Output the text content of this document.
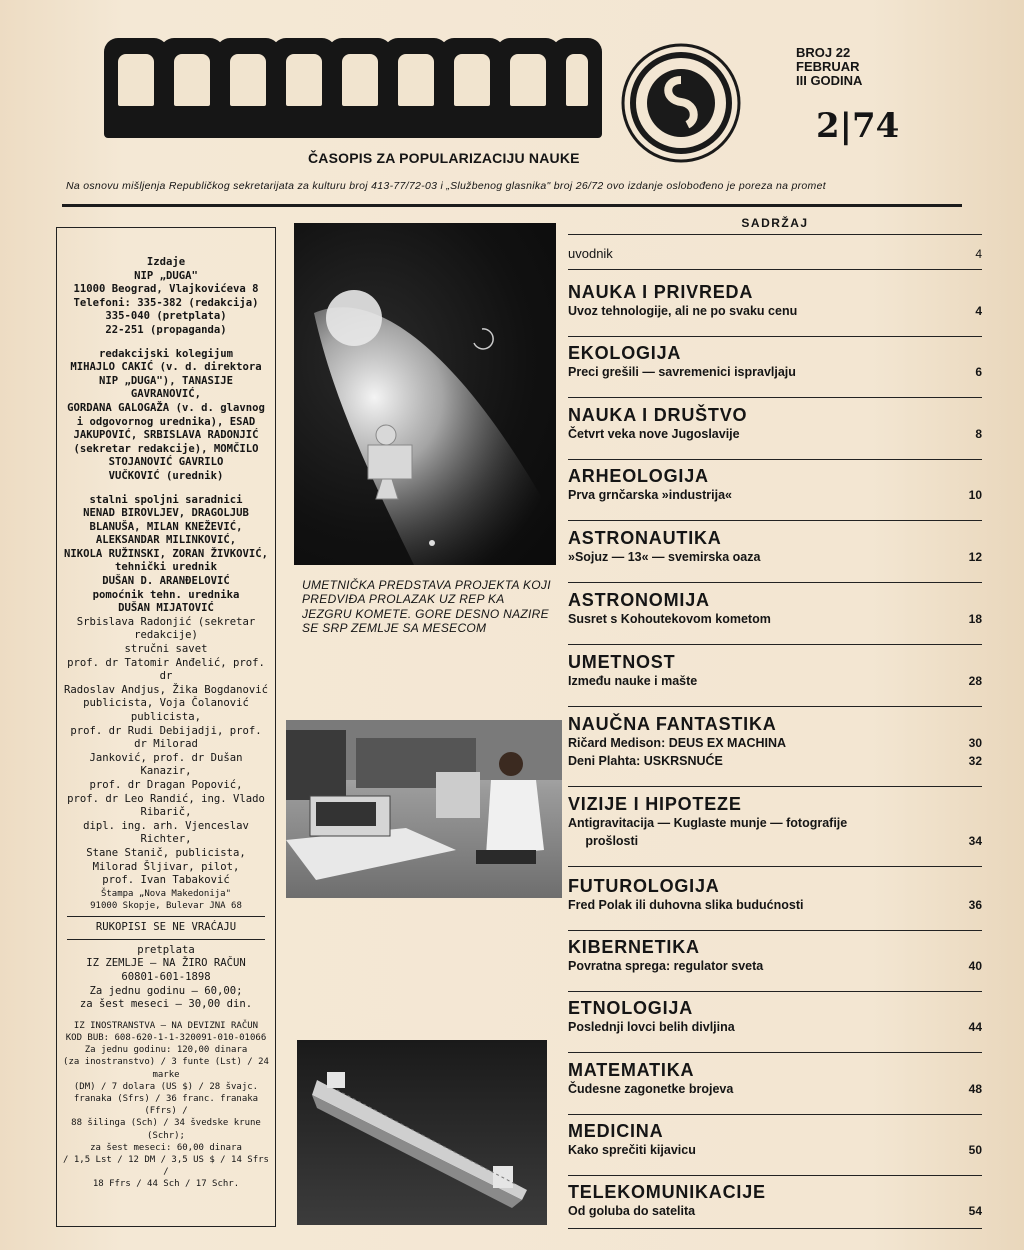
ČASOPIS ZA POPULARIZACIJU NAUKE
BROJ 22
FEBRUAR
III GODINA
2|74
Na osnovu mišljenja Republičkog sekretarijata za kulturu broj 413-77/72-03 i „Službenog glasnika" broj 26/72 ovo izdanje oslobođeno je poreza na promet
Izdaje
NIP „DUGA"
11000 Beograd, Vlajkovićeva 8
Telefoni: 335-382 (redakcija)
335-040 (pretplata)
22-251 (propaganda)
redakcijski kolegijum
MIHAJLO CAKIĆ (v. d. direktora
NIP „DUGA"), TANASIJE GAVRANOVIĆ,
GORDANA GALOGAŽA (v. d. glavnog
i odgovornog urednika), ESAD
JAKUPOVIĆ, SRBISLAVA RADONJIĆ
(sekretar redakcije), MOMČILO
STOJANOVIĆ GAVRILO
VUČKOVIĆ (urednik)
stalni spoljni saradnici
NENAD BIROVLJEV, DRAGOLJUB
BLANUŠA, MILAN KNEŽEVIĆ,
ALEKSANDAR MILINKOVIĆ,
NIKOLA RUŽINSKI, ZORAN ŽIVKOVIĆ,
tehnički urednik
DUŠAN D. ARANĐELOVIĆ
pomoćnik tehn. urednika
DUŠAN MIJATOVIĆ
Srbislava Radonjić (sekretar redakcije)
stručni savet
prof. dr Tatomir Anđelić, prof. dr
Radoslav Andjus, Žika Bogdanović
publicista, Voja Čolanović publicista,
prof. dr Rudi Debijadji, prof. dr Milorad
Janković, prof. dr Dušan Kanazir,
prof. dr Dragan Popović,
prof. dr Leo Randić, ing. Vlado Ribarič,
dipl. ing. arh. Vjenceslav Richter,
Stane Stanič, publicista,
Milorad Šljivar, pilot,
prof. Ivan Tabaković
Štampa „Nova Makedonija"
91000 Skopje, Bulevar JNA 68
RUKOPISI SE NE VRAĆAJU
pretplata
IZ ZEMLJE – NA ŽIRO RAČUN
60801-601-1898
Za jednu godinu – 60,00;
za šest meseci – 30,00 din.
IZ INOSTRANSTVA – NA DEVIZNI RAČUN
KOD BUB: 608-620-1-1-320091-010-01066
Za jednu godinu: 120,00 dinara
(za inostranstvo) / 3 funte (Lst) / 24 marke
(DM) / 7 dolara (US $) / 28 švajc.
franaka (Sfrs) / 36 franc. franaka (Ffrs) /
88 šilinga (Sch) / 34 švedske krune (Schr);
za šest meseci: 60,00 dinara
/ 1,5 Lst / 12 DM / 3,5 US $ / 14 Sfrs /
18 Ffrs / 44 Sch / 17 Schr.
UMETNIČKA PREDSTAVA PROJEKTA KOJI PREDVIĐA PROLAZAK UZ REP KA JEZGRU KOMETE. GORE DESNO NAZIRE SE SRP ZEMLJE SA MESECOM
SADRŽAJ
uvodnik	4
NAUKA I PRIVREDA
Uvoz tehnologije, ali ne po svaku cenu	4
EKOLOGIJA
Preci grešili — savremenici ispravljaju	6
NAUKA I DRUŠTVO
Četvrt veka nove Jugoslavije	8
ARHEOLOGIJA
Prva grnčarska »industrija«	10
ASTRONAUTIKA
»Sojuz — 13« — svemirska oaza	12
ASTRONOMIJA
Susret s Kohoutekovom kometom	18
UMETNOST
Između nauke i mašte	28
NAUČNA FANTASTIKA
Ričard Medison: DEUS EX MACHINA	30
Deni Plahta: USKRSNUĆE	32
VIZIJE I HIPOTEZE
Antigravitacija — Kuglaste munje — fotografije
prošlosti	34
FUTUROLOGIJA
Fred Polak ili duhovna slika budućnosti	36
KIBERNETIKA
Povratna sprega: regulator sveta	40
ETNOLOGIJA
Poslednji lovci belih divljina	44
MATEMATIKA
Čudesne zagonetke brojeva	48
MEDICINA
Kako sprečiti kijavicu	50
TELEKOMUNIKACIJE
Od goluba do satelita	54
